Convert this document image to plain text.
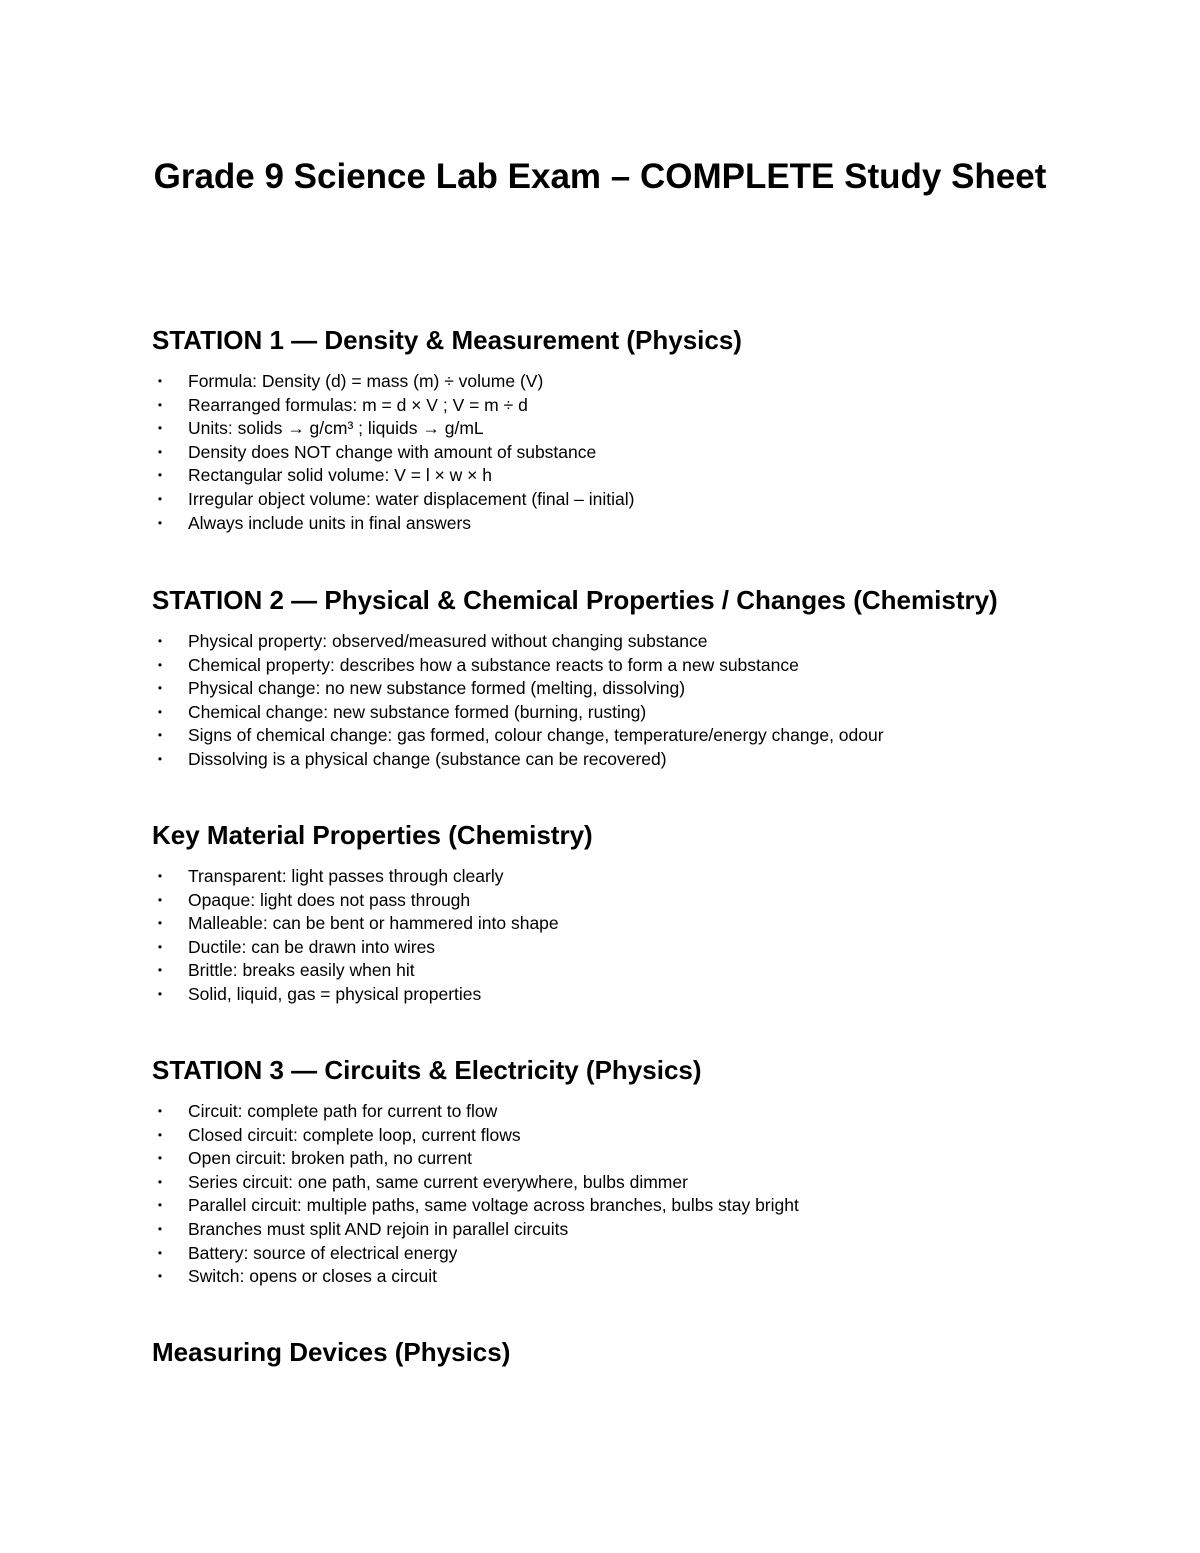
Grade 9 Science Lab Exam – COMPLETE Study Sheet
STATION 1 — Density & Measurement (Physics)
• Formula: Density (d) = mass (m) ÷ volume (V)
• Rearranged formulas: m = d × V ; V = m ÷ d
• Units: solids → g/cm³ ; liquids → g/mL
• Density does NOT change with amount of substance
• Rectangular solid volume: V = l × w × h
• Irregular object volume: water displacement (final – initial)
• Always include units in final answers
STATION 2 — Physical & Chemical Properties / Changes (Chemistry)
• Physical property: observed/measured without changing substance
• Chemical property: describes how a substance reacts to form a new substance
• Physical change: no new substance formed (melting, dissolving)
• Chemical change: new substance formed (burning, rusting)
• Signs of chemical change: gas formed, colour change, temperature/energy change, odour
• Dissolving is a physical change (substance can be recovered)
Key Material Properties (Chemistry)
• Transparent: light passes through clearly
• Opaque: light does not pass through
• Malleable: can be bent or hammered into shape
• Ductile: can be drawn into wires
• Brittle: breaks easily when hit
• Solid, liquid, gas = physical properties
STATION 3 — Circuits & Electricity (Physics)
• Circuit: complete path for current to flow
• Closed circuit: complete loop, current flows
• Open circuit: broken path, no current
• Series circuit: one path, same current everywhere, bulbs dimmer
• Parallel circuit: multiple paths, same voltage across branches, bulbs stay bright
• Branches must split AND rejoin in parallel circuits
• Battery: source of electrical energy
• Switch: opens or closes a circuit
Measuring Devices (Physics)
